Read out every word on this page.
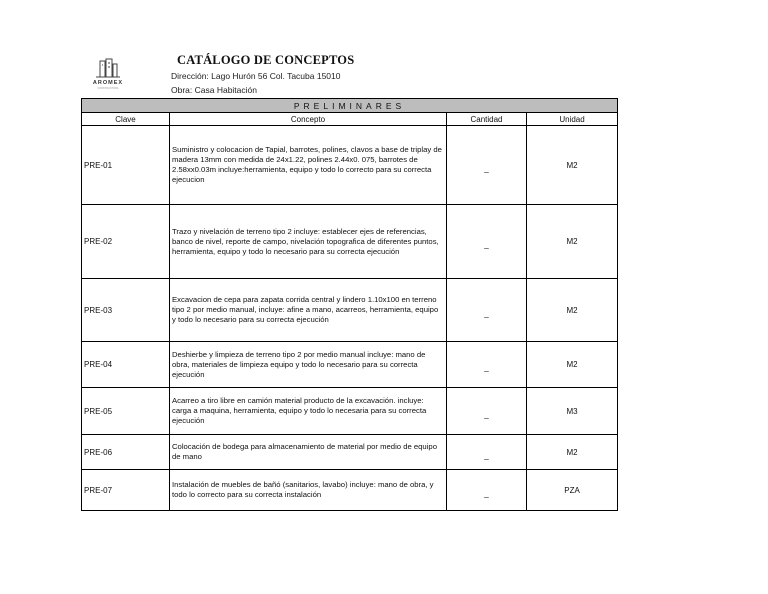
AROMEX
CONSTRUCTORA
CATÁLOGO DE CONCEPTOS
Dirección: Lago Hurón 56 Col. Tacuba 15010
Obra: Casa Habitación
PRELIMINARES			
Clave	Concepto	Cantidad	Unidad
PRE-01	Suministro y colocacion de Tapial, barrotes, polines, clavos a base de triplay de madera 13mm con medida de 24x1.22, polines 2.44x0. 075, barrotes de 2.58xx0.03m incluye:herramienta, equipo y todo lo correcto para su correcta ejecucion	_	M2
PRE-02	Trazo y nivelación de terreno tipo 2 incluye: establecer ejes de referencias, banco de nivel, reporte de campo, nivelación topografica de diferentes puntos, herramienta, equipo y todo lo necesario para su correcta ejecución	_	M2
PRE-03	Excavacion de cepa para zapata corrida central y lindero 1.10x100 en terreno tipo 2 por medio manual, incluye: afine a mano, acarreos, herramienta, equipo y todo lo necesario para su correcta ejecución	_	M2
PRE-04	Deshierbe y limpieza de terreno tipo 2 por medio manual incluye: mano de obra, materiales de limpieza equipo y todo lo necesario para su correcta ejecución	_	M2
PRE-05	Acarreo a tiro libre en camión material producto de la excavación. incluye: carga a maquina, herramienta, equipo y todo lo necesaria para su correcta ejecución	_	M3
PRE-06	Colocación de bodega para almacenamiento de material por medio de equipo de mano	_	M2
PRE-07	Instalación de muebles de bañó (sanitarios, lavabo) incluye: mano de obra, y todo lo correcto para su correcta instalación	_	PZA
